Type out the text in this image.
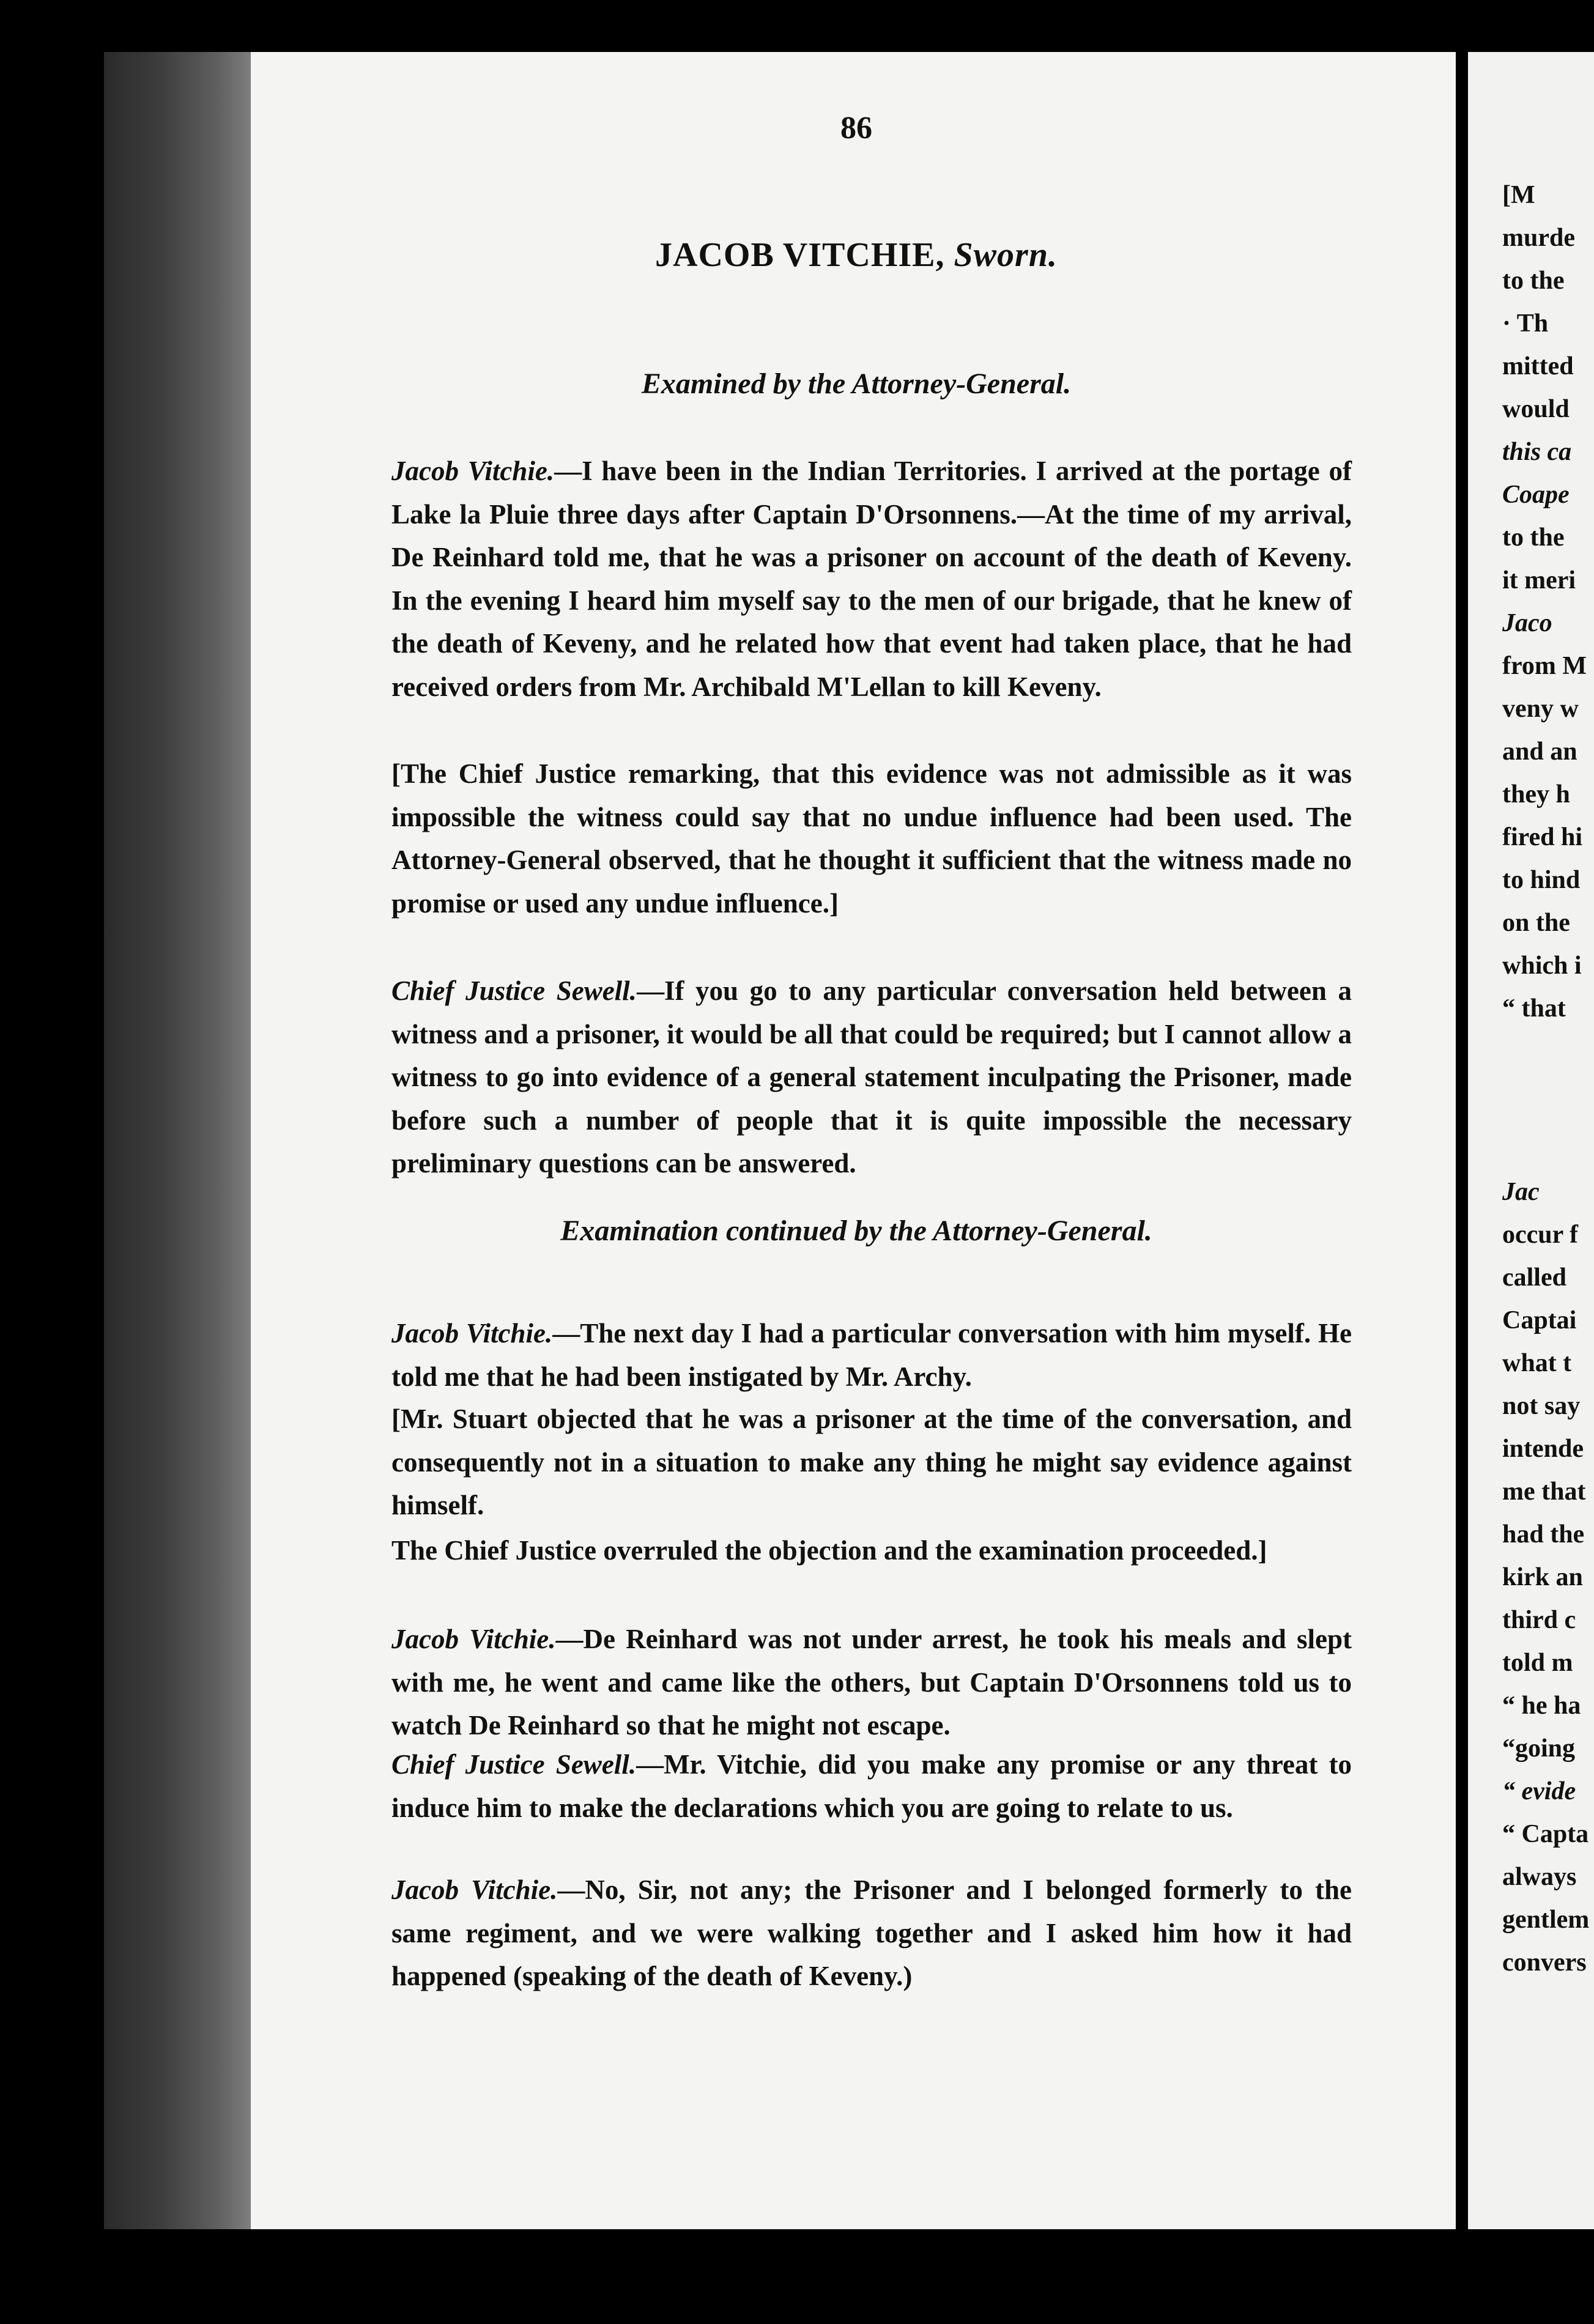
86
JACOB VITCHIE, Sworn.
Examined by the Attorney-General.

Jacob Vitchie.—I have been in the Indian Territories. I arrived at the portage of Lake la Pluie three days after Captain D'Orsonnens.—At the time of my arrival, De Reinhard told me, that he was a prisoner on account of the death of Keveny. In the evening I heard him myself say to the men of our brigade, that he knew of the death of Keveny, and he related how that event had taken place, that he had received orders from Mr. Archibald M'Lellan to kill Keveny.

[The Chief Justice remarking, that this evidence was not admissible as it was impossible the witness could say that no undue influence had been used. The Attorney-General observed, that he thought it sufficient that the witness made no promise or used any undue influence.]

Chief Justice Sewell.—If you go to any particular conversation held between a witness and a prisoner, it would be all that could be required; but I cannot allow a witness to go into evidence of a general statement inculpating the Prisoner, made before such a number of people that it is quite impossible the necessary preliminary questions can be answered.

Examination continued by the Attorney-General.

Jacob Vitchie.—The next day I had a particular conversation with him myself. He told me that he had been instigated by Mr. Archy.

[Mr. Stuart objected that he was a prisoner at the time of the conversation, and consequently not in a situation to make any thing he might say evidence against himself.

The Chief Justice overruled the objection and the examination proceeded.]

Jacob Vitchie.—De Reinhard was not under arrest, he took his meals and slept with me, he went and came like the others, but Captain D'Orsonnens told us to watch De Reinhard so that he might not escape.

Chief Justice Sewell.—Mr. Vitchie, did you make any promise or any threat to induce him to make the declarations which you are going to relate to us.

Jacob Vitchie.—No, Sir, not any; the Prisoner and I belonged formerly to the same regiment, and we were walking together and I asked him how it had happened (speaking of the death of Keveny.)

[M
murde
to the
· Th
mitted
would
this ca
Coape
to the
it meri
Jaco
from M
veny w
and an
they h
fired hi
to hind
on the
which i
“ that
Jac
occur f
called
Captai
what t
not say
intende
me that
had the
kirk an
third c
told m
“ he ha
“going
“ evide
“ Capta
always
gentlem
convers
